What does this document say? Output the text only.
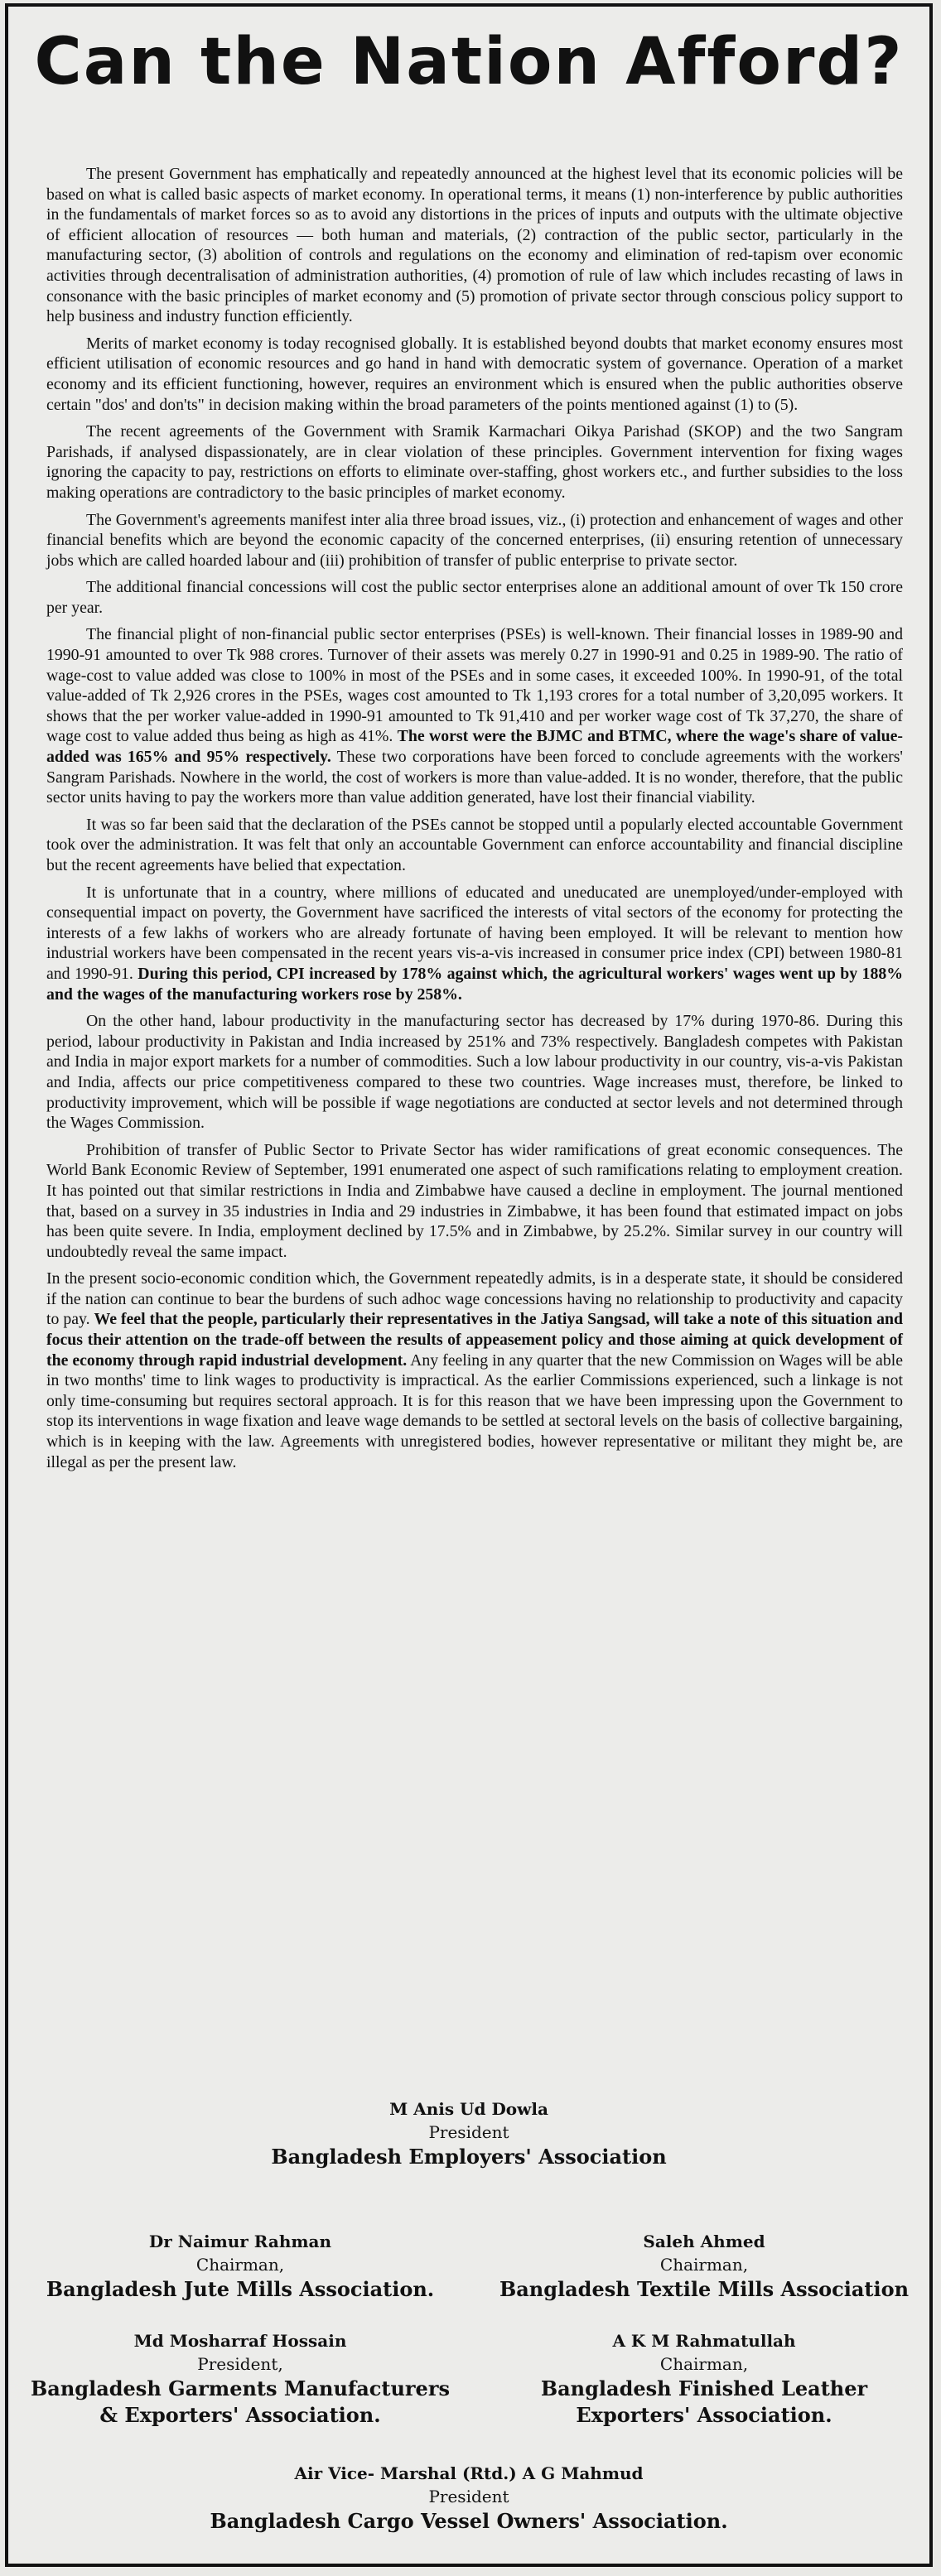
Can the Nation Afford?

The present Government has emphatically and repeatedly announced at the highest level that its economic policies will be based on what is called basic aspects of market economy. In operational terms, it means (1) non-interference by public authorities in the fundamentals of market forces so as to avoid any distortions in the prices of inputs and outputs with the ultimate objective of efficient allocation of resources — both human and materials, (2) contraction of the public sector, particularly in the manufacturing sector, (3) abolition of controls and regulations on the economy and elimination of red-tapism over economic activities through decentralisation of administration authorities, (4) promotion of rule of law which includes recasting of laws in consonance with the basic principles of market economy and (5) promotion of private sector through conscious policy support to help business and industry function efficiently.

Merits of market economy is today recognised globally. It is established beyond doubts that market economy ensures most efficient utilisation of economic resources and go hand in hand with democratic system of governance. Operation of a market economy and its efficient functioning, however, requires an environment which is ensured when the public authorities observe certain "dos' and don'ts" in decision making within the broad parameters of the points mentioned against (1) to (5).

The recent agreements of the Government with Sramik Karmachari Oikya Parishad (SKOP) and the two Sangram Parishads, if analysed dispassionately, are in clear violation of these principles. Government intervention for fixing wages ignoring the capacity to pay, restrictions on efforts to eliminate over-staffing, ghost workers etc., and further subsidies to the loss making operations are contradictory to the basic principles of market economy.

The Government's agreements manifest inter alia three broad issues, viz., (i) protection and enhancement of wages and other financial benefits which are beyond the economic capacity of the concerned enterprises, (ii) ensuring retention of unnecessary jobs which are called hoarded labour and (iii) prohibition of transfer of public enterprise to private sector.

The additional financial concessions will cost the public sector enterprises alone an additional amount of over Tk 150 crore per year.

The financial plight of non-financial public sector enterprises (PSEs) is well-known. Their financial losses in 1989-90 and 1990-91 amounted to over Tk 988 crores. Turnover of their assets was merely 0.27 in 1990-91 and 0.25 in 1989-90. The ratio of wage-cost to value added was close to 100% in most of the PSEs and in some cases, it exceeded 100%. In 1990-91, of the total value-added of Tk 2,926 crores in the PSEs, wages cost amounted to Tk 1,193 crores for a total number of 3,20,095 workers. It shows that the per worker value-added in 1990-91 amounted to Tk 91,410 and per worker wage cost of Tk 37,270, the share of wage cost to value added thus being as high as 41%. The worst were the BJMC and BTMC, where the wage's share of value-added was 165% and 95% respectively. These two corporations have been forced to conclude agreements with the workers' Sangram Parishads. Nowhere in the world, the cost of workers is more than value-added. It is no wonder, therefore, that the public sector units having to pay the workers more than value addition generated, have lost their financial viability.

It was so far been said that the declaration of the PSEs cannot be stopped until a popularly elected accountable Government took over the administration. It was felt that only an accountable Government can enforce accountability and financial discipline but the recent agreements have belied that expectation.

It is unfortunate that in a country, where millions of educated and uneducated are unemployed/under-employed with consequential impact on poverty, the Government have sacrificed the interests of vital sectors of the economy for protecting the interests of a few lakhs of workers who are already fortunate of having been employed. It will be relevant to mention how industrial workers have been compensated in the recent years vis-a-vis increased in consumer price index (CPI) between 1980-81 and 1990-91. During this period, CPI increased by 178% against which, the agricultural workers' wages went up by 188% and the wages of the manufacturing workers rose by 258%.

On the other hand, labour productivity in the manufacturing sector has decreased by 17% during 1970-86. During this period, labour productivity in Pakistan and India increased by 251% and 73% respectively. Bangladesh competes with Pakistan and India in major export markets for a number of commodities. Such a low labour productivity in our country, vis-a-vis Pakistan and India, affects our price competitiveness compared to these two countries. Wage increases must, therefore, be linked to productivity improvement, which will be possible if wage negotiations are conducted at sector levels and not determined through the Wages Commission.

Prohibition of transfer of Public Sector to Private Sector has wider ramifications of great economic consequences. The World Bank Economic Review of September, 1991 enumerated one aspect of such ramifications relating to employment creation. It has pointed out that similar restrictions in India and Zimbabwe have caused a decline in employment. The journal mentioned that, based on a survey in 35 industries in India and 29 industries in Zimbabwe, it has been found that estimated impact on jobs has been quite severe. In India, employment declined by 17.5% and in Zimbabwe, by 25.2%. Similar survey in our country will undoubtedly reveal the same impact.

In the present socio-economic condition which, the Government repeatedly admits, is in a desperate state, it should be considered if the nation can continue to bear the burdens of such adhoc wage concessions having no relationship to productivity and capacity to pay. We feel that the people, particularly their representatives in the Jatiya Sangsad, will take a note of this situation and focus their attention on the trade-off between the results of appeasement policy and those aiming at quick development of the economy through rapid industrial development. Any feeling in any quarter that the new Commission on Wages will be able in two months' time to link wages to productivity is impractical. As the earlier Commissions experienced, such a linkage is not only time-consuming but requires sectoral approach. It is for this reason that we have been impressing upon the Government to stop its interventions in wage fixation and leave wage demands to be settled at sectoral levels on the basis of collective bargaining, which is in keeping with the law. Agreements with unregistered bodies, however representative or militant they might be, are illegal as per the present law.

M Anis Ud Dowla
President
Bangladesh Employers' Association
Dr Naimur Rahman
Chairman,
Bangladesh Jute Mills Association.
Saleh Ahmed
Chairman,
Bangladesh Textile Mills Association
Md Mosharraf Hossain
President,
Bangladesh Garments Manufacturers
& Exporters' Association.
A K M Rahmatullah
Chairman,
Bangladesh Finished Leather
Exporters' Association.
Air Vice- Marshal (Rtd.) A G Mahmud
President
Bangladesh Cargo Vessel Owners' Association.
